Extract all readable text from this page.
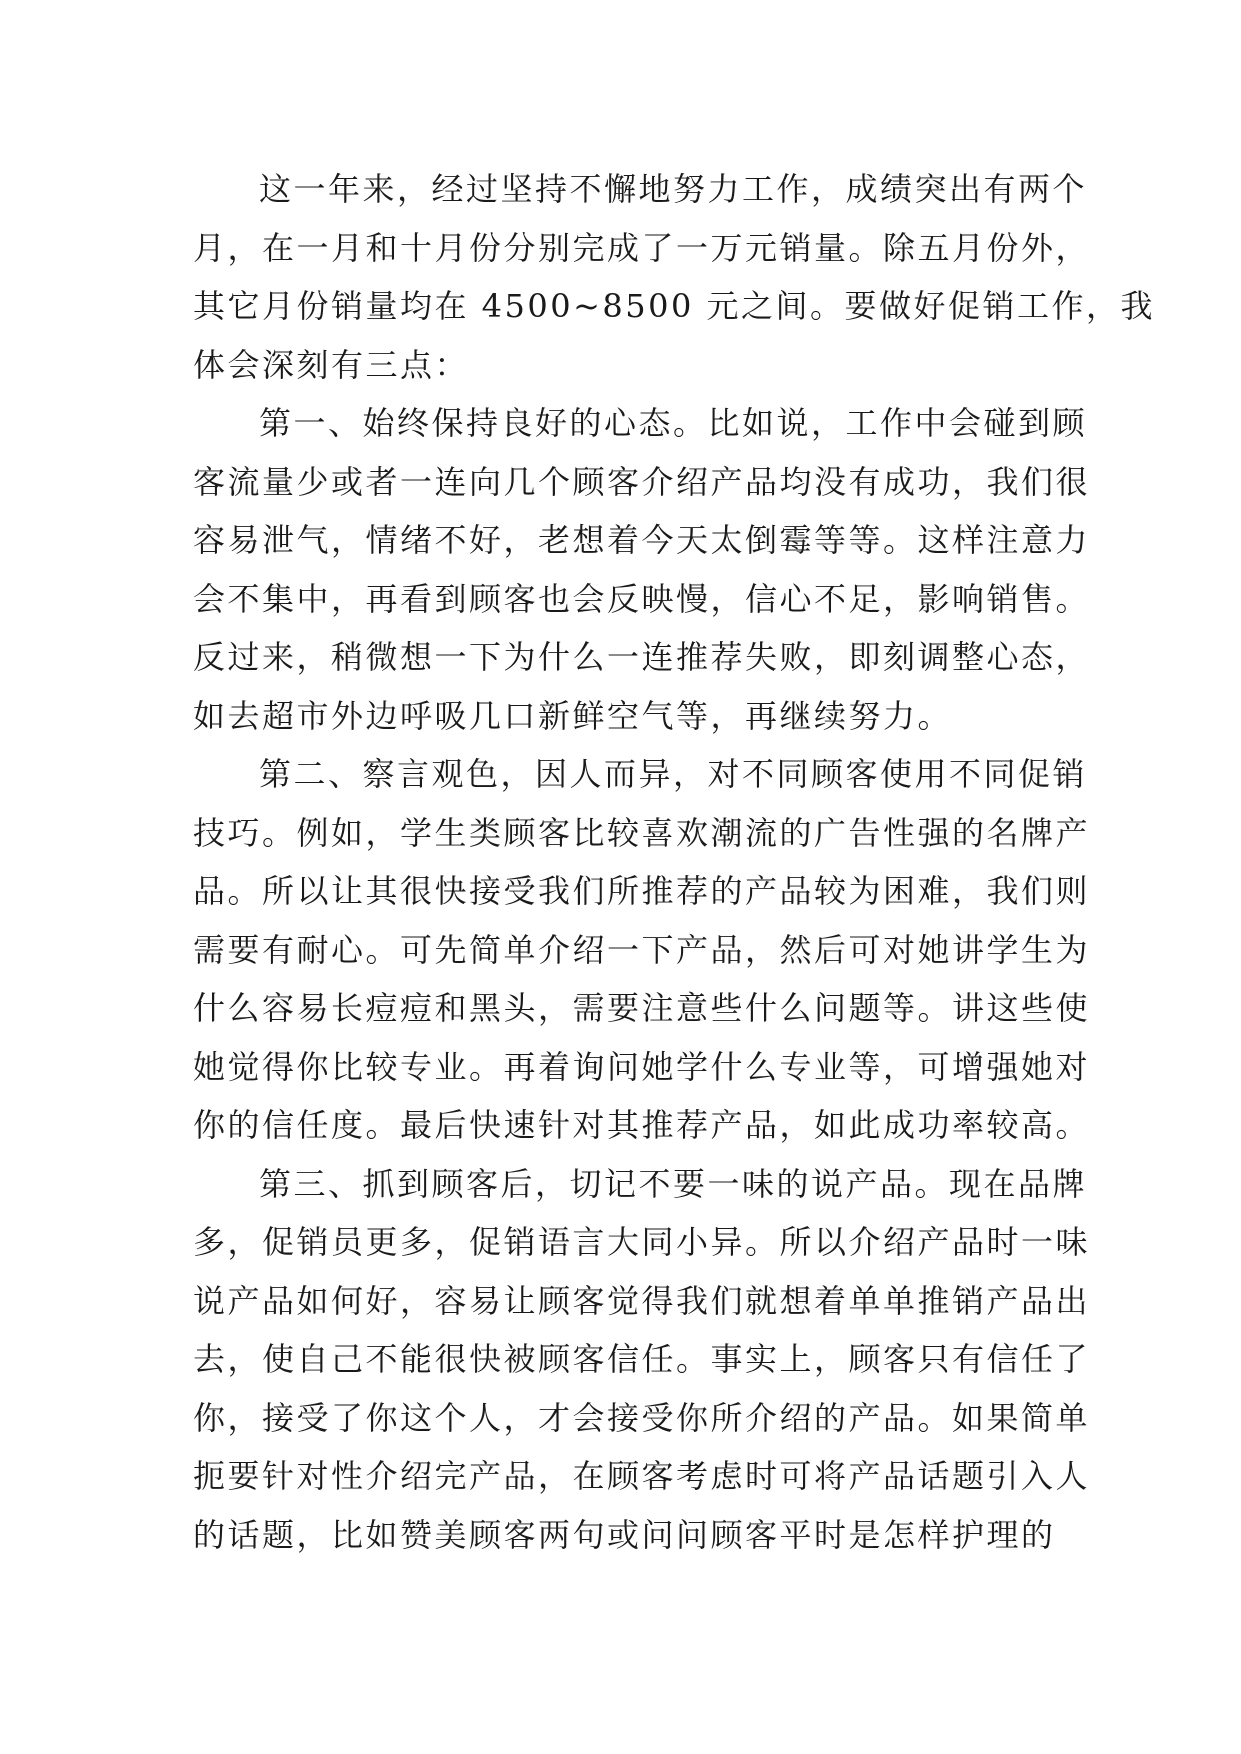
这一年来，经过坚持不懈地努力工作，成绩突出有两个
月，在一月和十月份分别完成了一万元销量。除五月份外，
其它月份销量均在 4500~8500 元之间。要做好促销工作，我
体会深刻有三点：
第一、始终保持良好的心态。比如说，工作中会碰到顾
客流量少或者一连向几个顾客介绍产品均没有成功，我们很
容易泄气，情绪不好，老想着今天太倒霉等等。这样注意力
会不集中，再看到顾客也会反映慢，信心不足，影响销售。
反过来，稍微想一下为什么一连推荐失败，即刻调整心态，
如去超市外边呼吸几口新鲜空气等，再继续努力。
第二、察言观色，因人而异，对不同顾客使用不同促销
技巧。例如，学生类顾客比较喜欢潮流的广告性强的名牌产
品。所以让其很快接受我们所推荐的产品较为困难，我们则
需要有耐心。可先简单介绍一下产品，然后可对她讲学生为
什么容易长痘痘和黑头，需要注意些什么问题等。讲这些使
她觉得你比较专业。再着询问她学什么专业等，可增强她对
你的信任度。最后快速针对其推荐产品，如此成功率较高。
第三、抓到顾客后，切记不要一味的说产品。现在品牌
多，促销员更多，促销语言大同小异。所以介绍产品时一味
说产品如何好，容易让顾客觉得我们就想着单单推销产品出
去，使自己不能很快被顾客信任。事实上，顾客只有信任了
你，接受了你这个人，才会接受你所介绍的产品。如果简单
扼要针对性介绍完产品，在顾客考虑时可将产品话题引入人
的话题，比如赞美顾客两句或问问顾客平时是怎样护理的
